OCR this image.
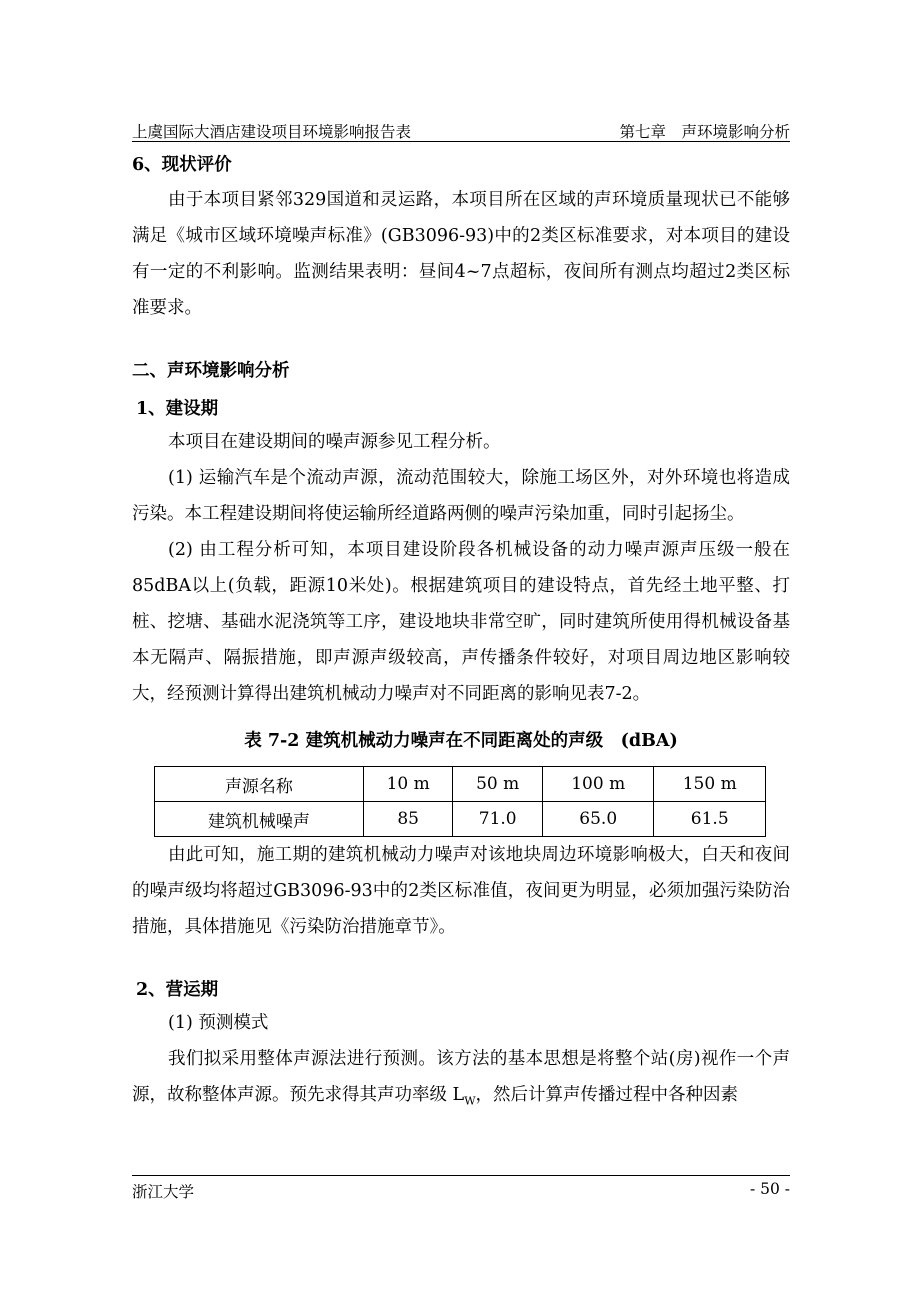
上虞国际大酒店建设项目环境影响报告表	第七章　声环境影响分析
6、现状评价

由于本项目紧邻329国道和灵运路，本项目所在区域的声环境质量现状已不能够满足《城市区域环境噪声标准》(GB3096-93)中的2类区标准要求，对本项目的建设有一定的不利影响。监测结果表明：昼间4~7点超标，夜间所有测点均超过2类区标准要求。

二、声环境影响分析
1、建设期

本项目在建设期间的噪声源参见工程分析。

(1) 运输汽车是个流动声源，流动范围较大，除施工场区外，对外环境也将造成污染。本工程建设期间将使运输所经道路两侧的噪声污染加重，同时引起扬尘。

(2) 由工程分析可知，本项目建设阶段各机械设备的动力噪声源声压级一般在85dBA以上(负载，距源10米处)。根据建筑项目的建设特点，首先经土地平整、打桩、挖塘、基础水泥浇筑等工序，建设地块非常空旷，同时建筑所使用得机械设备基本无隔声、隔振措施，即声源声级较高，声传播条件较好，对项目周边地区影响较大，经预测计算得出建筑机械动力噪声对不同距离的影响见表7-2。

表 7-2 建筑机械动力噪声在不同距离处的声级　(dBA)
声源名称	10 m	50 m	100 m	150 m
建筑机械噪声	85	71.0	65.0	61.5

由此可知，施工期的建筑机械动力噪声对该地块周边环境影响极大，白天和夜间的噪声级均将超过GB3096-93中的2类区标准值，夜间更为明显，必须加强污染防治措施，具体措施见《污染防治措施章节》。

2、营运期

(1) 预测模式

我们拟采用整体声源法进行预测。该方法的基本思想是将整个站(房)视作一个声源，故称整体声源。预先求得其声功率级 $L_W$，然后计算声传播过程中各种因素

浙江大学	- 50 -
